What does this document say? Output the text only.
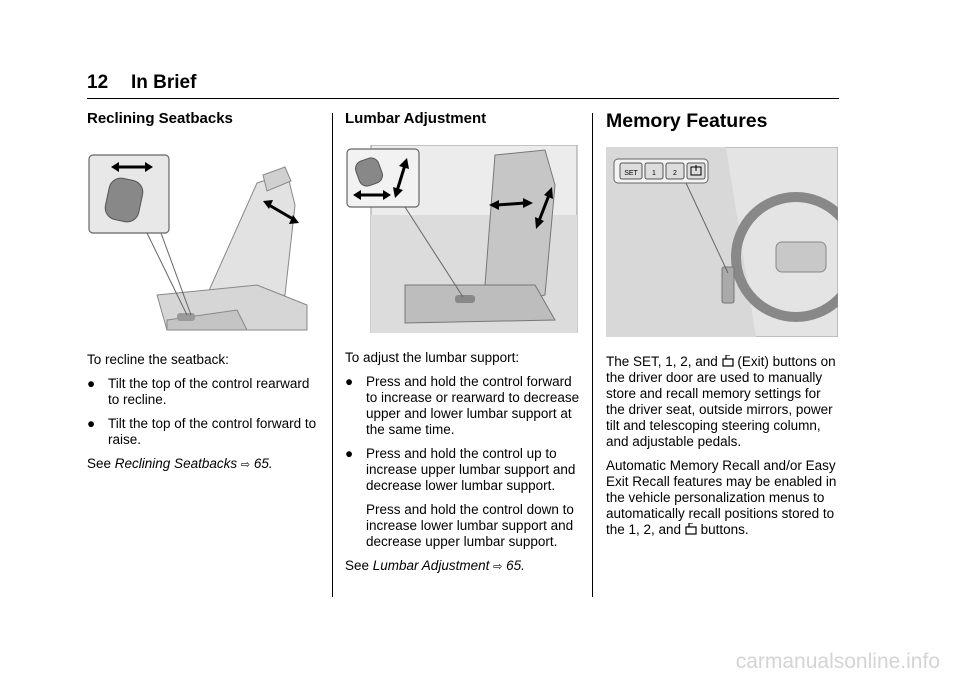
12 In Brief
Reclining Seatbacks

To recline the seatback:

● Tilt the top of the control rearward to recline.
● Tilt the top of the control forward to raise.

See Reclining Seatbacks ⇨ 65.

Lumbar Adjustment

To adjust the lumbar support:

● Press and hold the control forward to increase or rearward to decrease upper and lower lumbar support at the same time.
● Press and hold the control up to increase upper lumbar support and decrease lower lumbar support.

Press and hold the control down to increase lower lumbar support and decrease upper lumbar support.

See Lumbar Adjustment ⇨ 65.

Memory Features
SET 1 2

The SET, 1, 2, and  (Exit) buttons on the driver door are used to manually store and recall memory settings for the driver seat, outside mirrors, power tilt and telescoping steering column, and adjustable pedals.

Automatic Memory Recall and/or Easy Exit Recall features may be enabled in the vehicle personalization menus to automatically recall positions stored to the 1, 2, and  buttons.

carmanualsonline.info
